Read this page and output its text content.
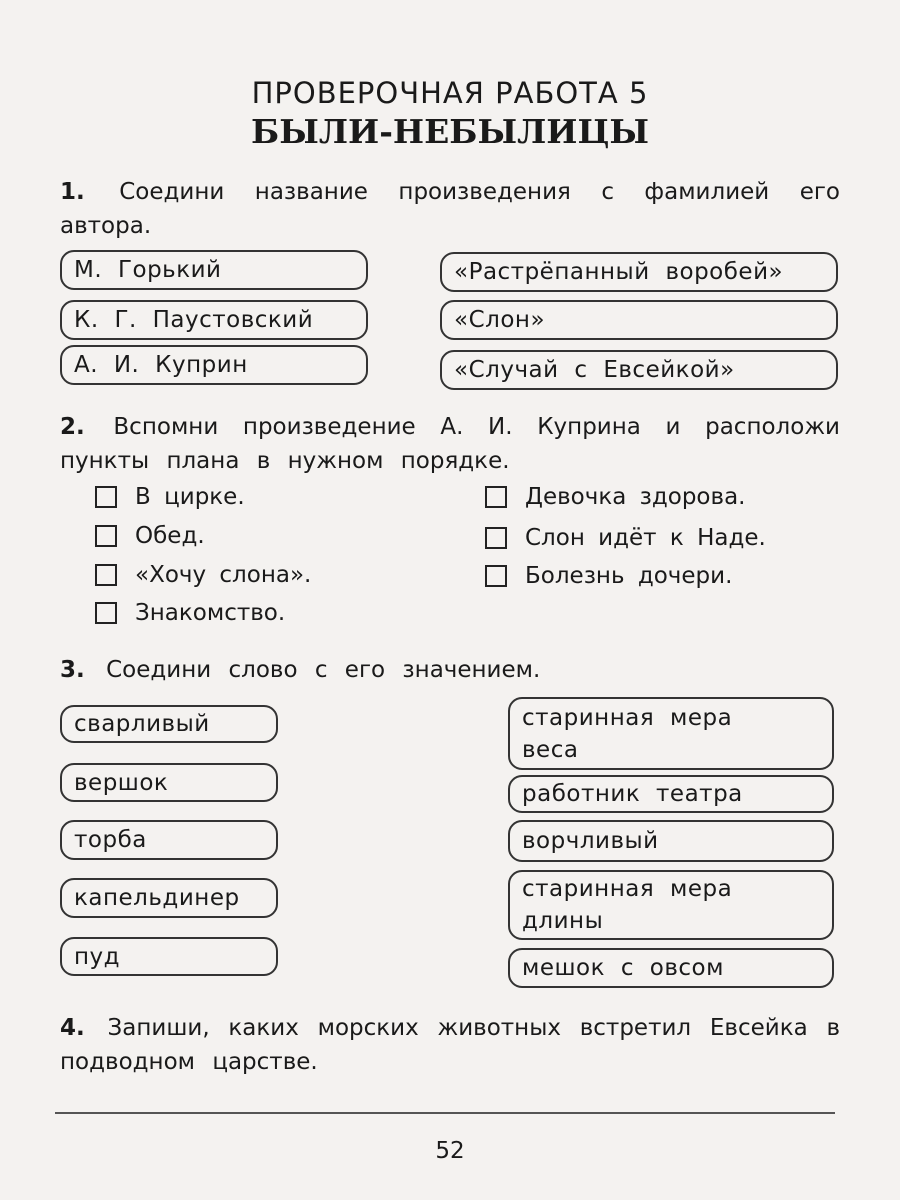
ПРОВЕРОЧНАЯ РАБОТА 5
БЫЛИ-НЕБЫЛИЦЫ
1. Соедини название произведения с фамилией его автора.
М. Горький
К. Г. Паустовский
А. И. Куприн
«Растрёпанный воробей»
«Слон»
«Случай с Евсейкой»
2. Вспомни произведение А. И. Куприна и расположи пункты плана в нужном порядке.
В цирке.
Обед.
«Хочу слона».
Знакомство.
Девочка здорова.
Слон идёт к Наде.
Болезнь дочери.
3. Соедини слово с его значением.
сварливый
вершок
торба
капельдинер
пуд
старинная мера веса
работник театра
ворчливый
старинная мера длины
мешок с овсом
4. Запиши, каких морских животных встретил Евсейка в подводном царстве.
52
